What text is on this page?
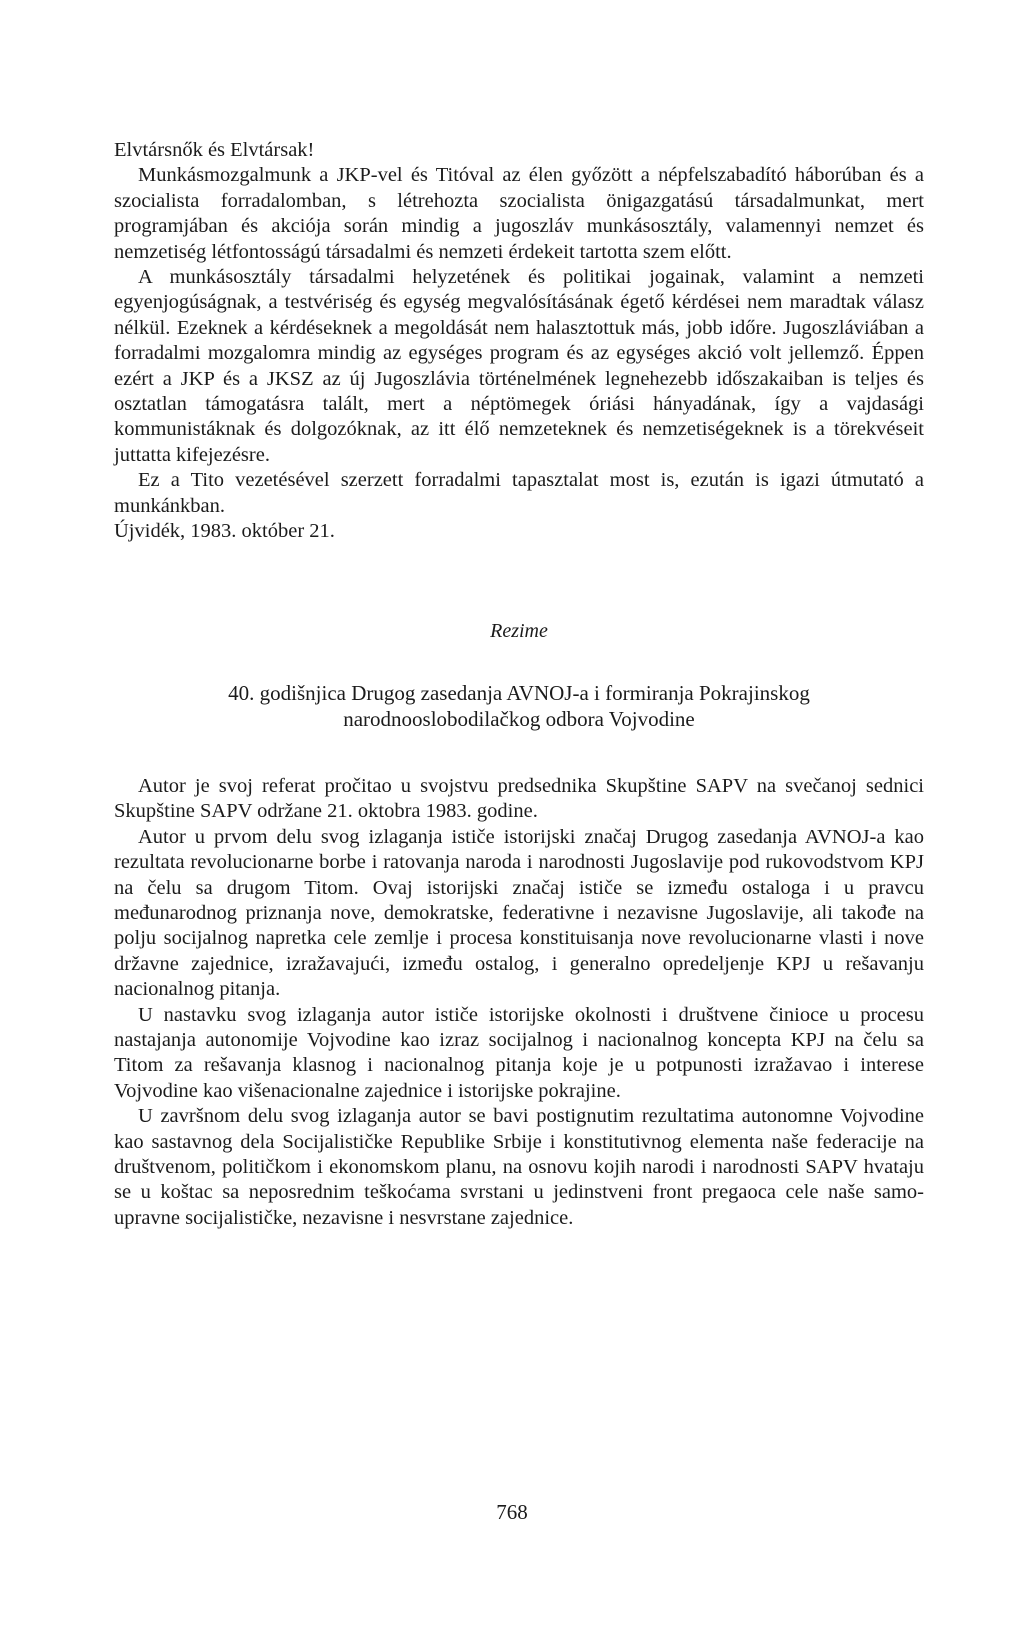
Elvtársnők és Elvtársak!

Munkásmozgalmunk a JKP-vel és Titóval az élen győzött a népfelszabadító háborúban és a szocialista forradalomban, s létrehozta szocialista önigazgatású társadalmunkat, mert programjában és akciója során mindig a jugoszláv munkásosztály, valamennyi nemzet és nemzetiség létfontosságú társadalmi és nemzeti érdekeit tartotta szem előtt.

A munkásosztály társadalmi helyzetének és politikai jogainak, valamint a nemzeti egyenjogúságnak, a testvériség és egység megvalósításának égető kérdései nem maradtak válasz nélkül. Ezeknek a kérdéseknek a megoldását nem halasztottuk más, jobb időre. Jugoszláviában a forradalmi mozgalomra mindig az egységes program és az egységes akció volt jellemző. Éppen ezért a JKP és a JKSZ az új Jugoszlávia történelmének legnehezebb időszakaiban is teljes és osztatlan támogatásra talált, mert a néptömegek óriási hányadának, így a vajdasági kommunistáknak és dolgozóknak, az itt élő nemzeteknek és nemzetiségeknek is a törekvéseit juttatta kifejezésre.

Ez a Tito vezetésével szerzett forradalmi tapasztalat most is, ezután is igazi útmutató a munkánkban.

Újvidék, 1983. október 21.

Rezime
40. godišnjica Drugog zasedanja AVNOJ-a i formiranja Pokrajinskog
narodnooslobodilačkog odbora Vojvodine

Autor je svoj referat pročitao u svojstvu predsednika Skupštine SAPV na svečanoj sednici Skupštine SAPV održane 21. oktobra 1983. godine.

Autor u prvom delu svog izlaganja ističe istorijski značaj Drugog zasedanja AVNOJ-a kao rezultata revolucionarne borbe i ratovanja naroda i narodnosti Jugoslavije pod rukovodstvom KPJ na čelu sa drugom Titom. Ovaj istorijski značaj ističe se između ostaloga i u pravcu međunarodnog priznanja nove, demokratske, federativne i nezavisne Jugoslavije, ali takođe na polju socijalnog napretka cele zemlje i procesa konstituisanja nove revolucionarne vlasti i nove državne zajednice, izražavajući, između ostalog, i generalno opredeljenje KPJ u rešavanju nacionalnog pitanja.

U nastavku svog izlaganja autor ističe istorijske okolnosti i društvene činioce u procesu nastajanja autonomije Vojvodine kao izraz socijalnog i nacionalnog koncepta KPJ na čelu sa Titom za rešavanja klasnog i nacionalnog pitanja koje je u potpunosti izražavao i interese Vojvodine kao višenacionalne zajednice i istorijske pokrajine.

U završnom delu svog izlaganja autor se bavi postignutim rezultatima autonomne Vojvodine kao sastavnog dela Socijalističke Republike Srbije i konstitutivnog elementa naše federacije na društvenom, političkom i ekonomskom planu, na osnovu kojih narodi i narodnosti SAPV hvataju se u koštac sa neposrednim teškoćama svrstani u jedinstveni front pregaoca cele naše samoupravne socijalističke, nezavisne i nesvrstane zajednice.

768
